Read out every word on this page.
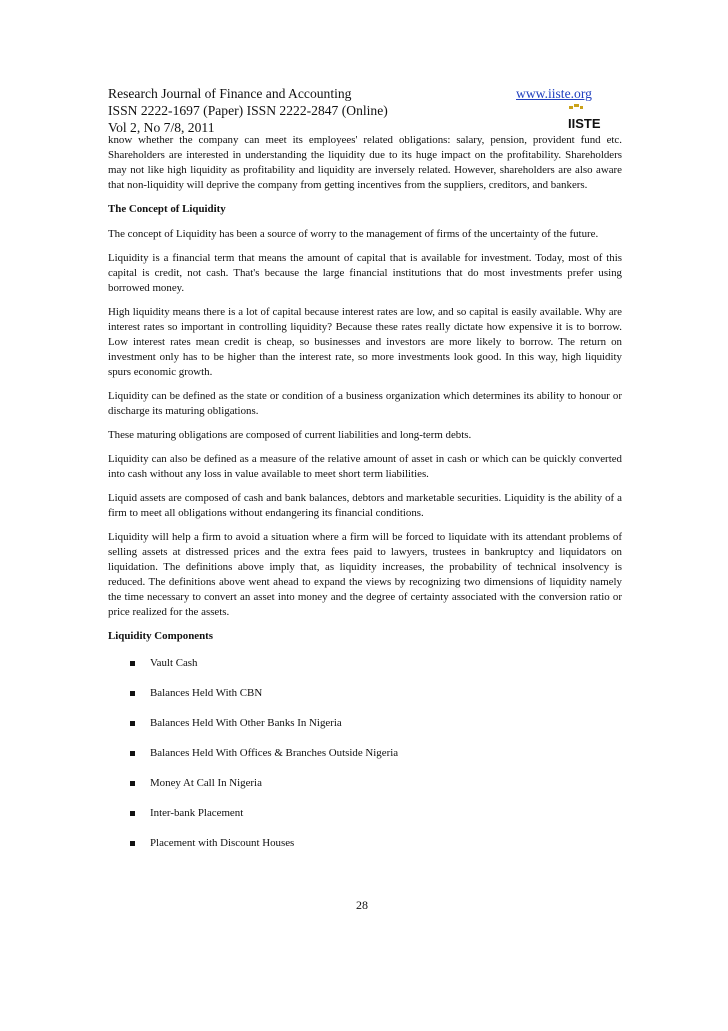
Research Journal of Finance and Accounting	www.iiste.org
ISSN 2222-1697 (Paper) ISSN 2222-2847 (Online)
Vol 2, No 7/8, 2011	IISTE

know whether the company can meet its employees' related obligations: salary, pension, provident fund etc. Shareholders are interested in understanding the liquidity due to its huge impact on the profitability. Shareholders may not like high liquidity as profitability and liquidity are inversely related. However, shareholders are also aware that non-liquidity will deprive the company from getting incentives from the suppliers, creditors, and bankers.

The Concept of Liquidity

The concept of Liquidity has been a source of worry to the management of firms of the uncertainty of the future.

Liquidity is a financial term that means the amount of capital that is available for investment. Today, most of this capital is credit, not cash. That's because the large financial institutions that do most investments prefer using borrowed money.

High liquidity means there is a lot of capital because interest rates are low, and so capital is easily available. Why are interest rates so important in controlling liquidity? Because these rates really dictate how expensive it is to borrow. Low interest rates mean credit is cheap, so businesses and investors are more likely to borrow. The return on investment only has to be higher than the interest rate, so more investments look good. In this way, high liquidity spurs economic growth.

Liquidity can be defined as the state or condition of a business organization which determines its ability to honour or discharge its maturing obligations.

These maturing obligations are composed of current liabilities and long-term debts.

Liquidity can also be defined as a measure of the relative amount of asset in cash or which can be quickly converted into cash without any loss in value available to meet short term liabilities.

Liquid assets are composed of cash and bank balances, debtors and marketable securities. Liquidity is the ability of a firm to meet all obligations without endangering its financial conditions.

Liquidity will help a firm to avoid a situation where a firm will be forced to liquidate with its attendant problems of selling assets at distressed prices and the extra fees paid to lawyers, trustees in bankruptcy and liquidators on liquidation. The definitions above imply that, as liquidity increases, the probability of technical insolvency is reduced. The definitions above went ahead to expand the views by recognizing two dimensions of liquidity namely the time necessary to convert an asset into money and the degree of certainty associated with the conversion ratio or price realized for the assets.

Liquidity Components
Vault Cash
Balances Held With CBN
Balances Held With Other Banks In Nigeria
Balances Held With Offices & Branches Outside Nigeria
Money At Call In Nigeria
Inter-bank Placement
Placement with Discount Houses
28
